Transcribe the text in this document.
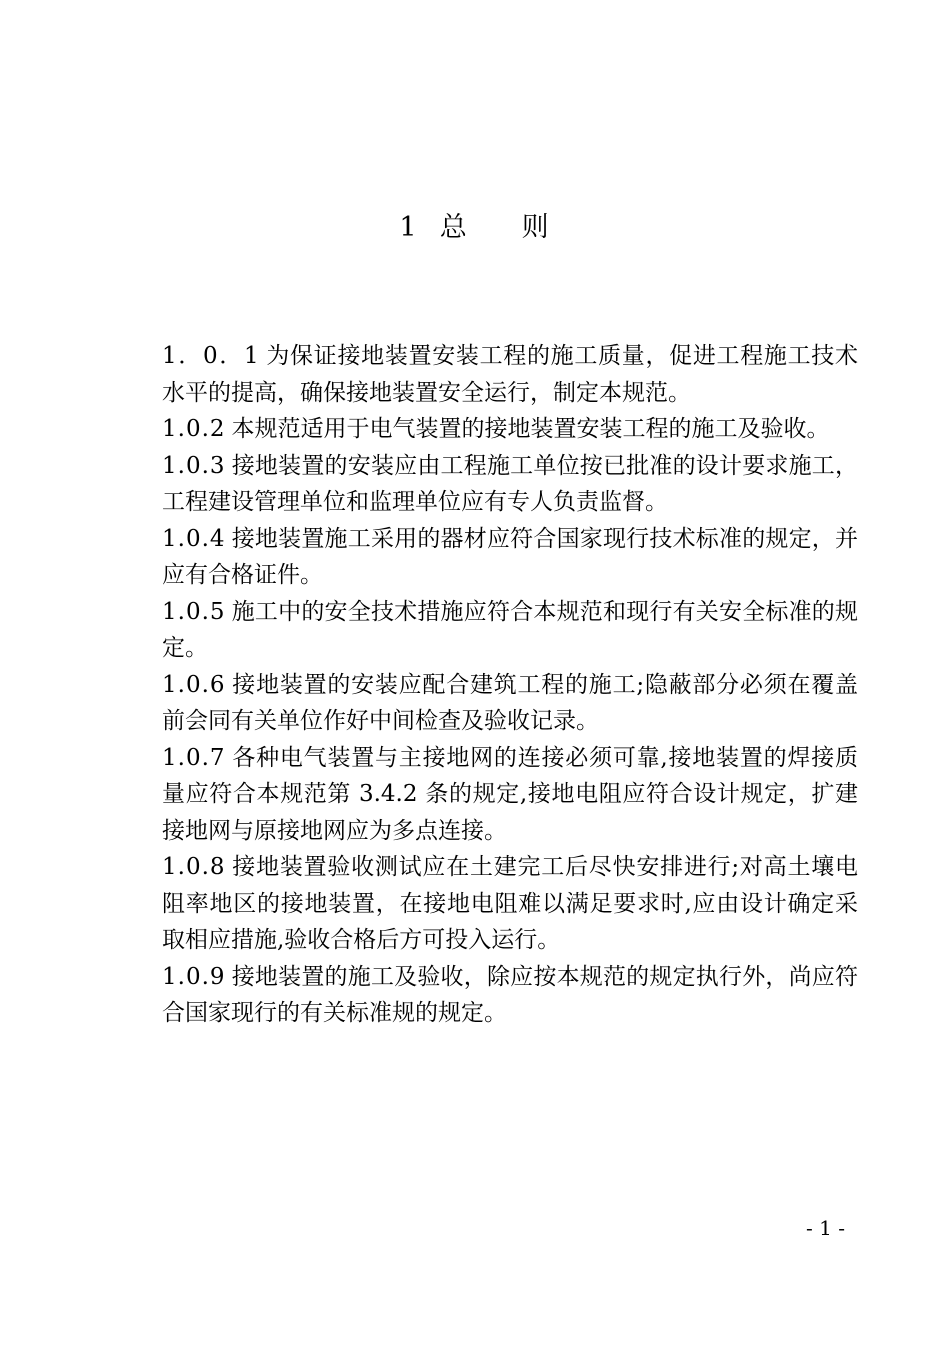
1  总     则
1．0．1 为保证接地装置安装工程的施工质量，促进工程施工技术水平的提高，确保接地装置安全运行，制定本规范。
1.0.2 本规范适用于电气装置的接地装置安装工程的施工及验收。
1.0.3 接地装置的安装应由工程施工单位按已批准的设计要求施工，工程建设管理单位和监理单位应有专人负责监督。
1.0.4 接地装置施工采用的器材应符合国家现行技术标准的规定，并应有合格证件。
1.0.5 施工中的安全技术措施应符合本规范和现行有关安全标准的规定。
1.0.6 接地装置的安装应配合建筑工程的施工;隐蔽部分必须在覆盖前会同有关单位作好中间检查及验收记录。
1.0.7 各种电气装置与主接地网的连接必须可靠,接地装置的焊接质量应符合本规范第 3.4.2 条的规定,接地电阻应符合设计规定，扩建接地网与原接地网应为多点连接。
1.0.8 接地装置验收测试应在土建完工后尽快安排进行;对高土壤电阻率地区的接地装置，在接地电阻难以满足要求时,应由设计确定采取相应措施,验收合格后方可投入运行。
1.0.9 接地装置的施工及验收，除应按本规范的规定执行外，尚应符合国家现行的有关标准规的规定。
- 1 -
